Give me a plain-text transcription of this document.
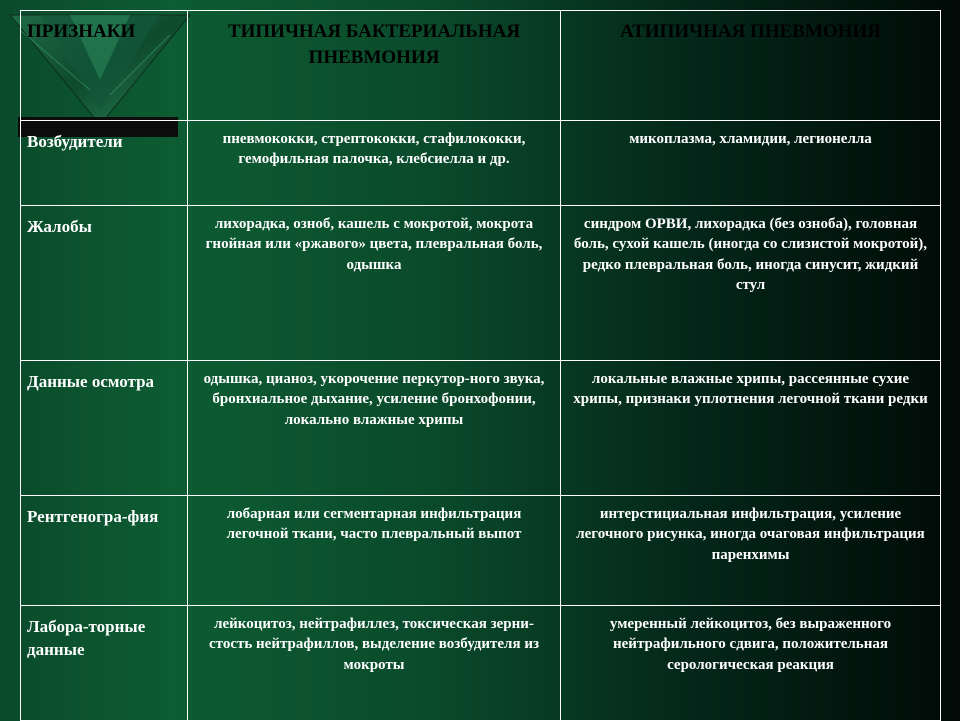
ПРИЗНАКИ	ТИПИЧНАЯ БАКТЕРИАЛЬНАЯ ПНЕВМОНИЯ	АТИПИЧНАЯ ПНЕВМОНИЯ
Возбудители	пневмококки, стрептококки, стафилококки, гемофильная палочка, клебсиелла и др.	микоплазма, хламидии, легионелла
Жалобы	лихорадка, озноб, кашель с мокротой, мокрота гнойная или «ржавого» цвета, плевральная боль, одышка	синдром ОРВИ, лихорадка (без озноба), головная боль, сухой кашель (иногда со слизистой мокротой), редко плевральная боль, иногда синусит, жидкий стул
Данные осмотра	одышка, цианоз, укорочение перкутор-ного звука, бронхиальное дыхание, усиление бронхофонии, локально влажные хрипы	локальные влажные хрипы, рассеянные сухие хрипы, признаки уплотнения легочной ткани редки
Рентгеногра-фия	лобарная или сегментарная инфильтрация легочной ткани, часто плевральный выпот	интерстициальная инфильтрация, усиление легочного рисунка, иногда очаговая инфильтрация паренхимы
Лабора-торные данные	лейкоцитоз, нейтрафиллез, токсическая зерни-стость нейтрафиллов, выделение возбудителя из мокроты	умеренный лейкоцитоз, без выраженного нейтрафильного сдвига, положительная серологическая реакция
